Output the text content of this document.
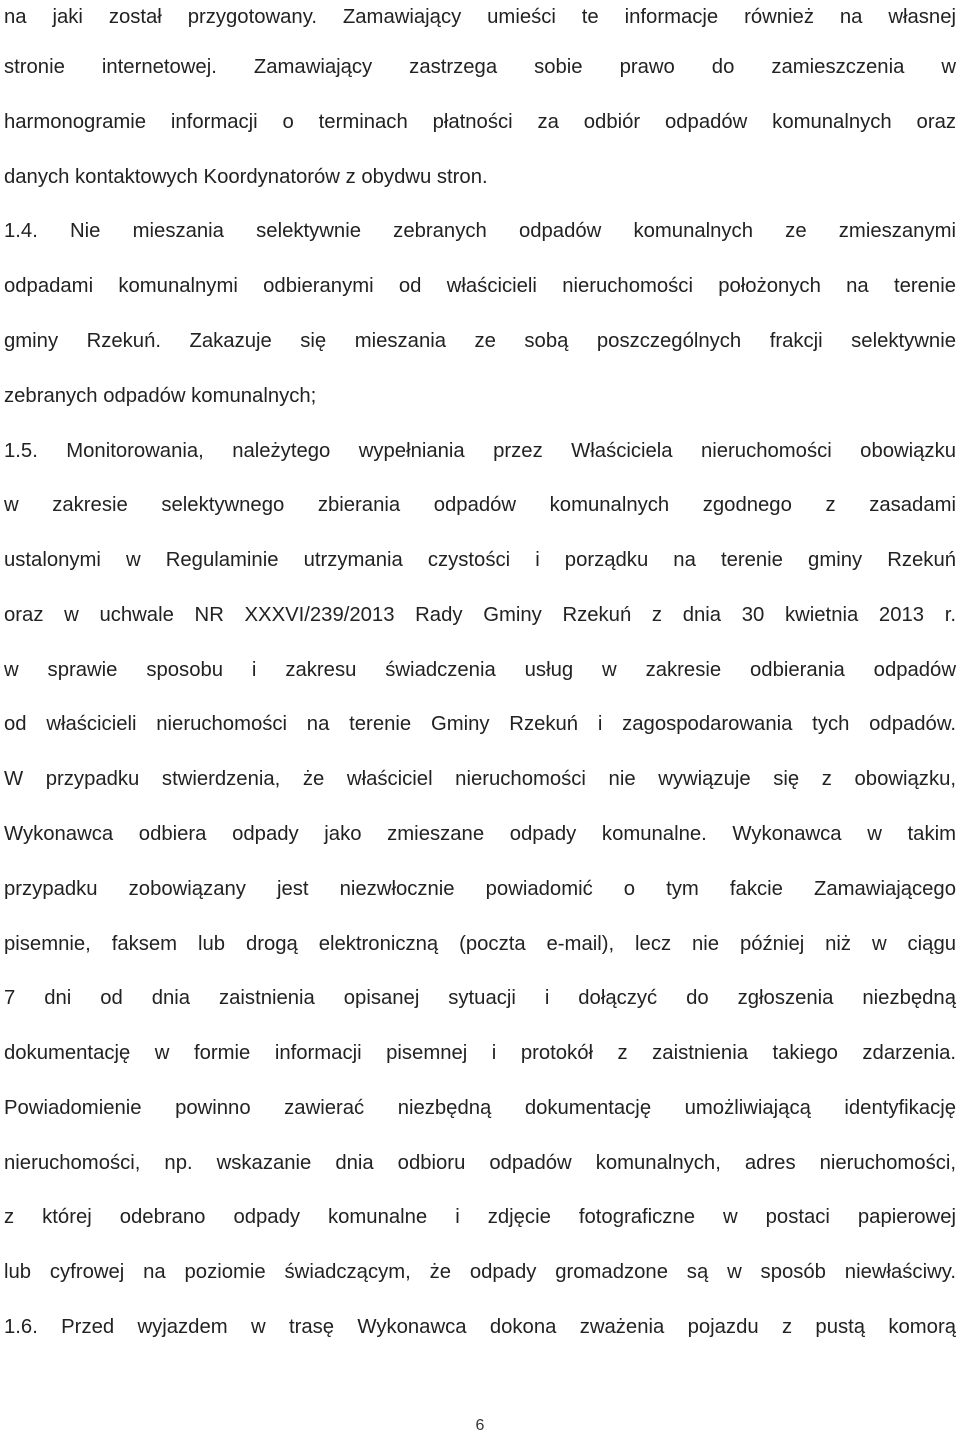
na jaki został przygotowany. Zamawiający umieści te informacje również na własnej
stronie internetowej. Zamawiający zastrzega sobie prawo do zamieszczenia w
harmonogramie informacji o terminach płatności za odbiór odpadów komunalnych oraz
danych kontaktowych Koordynatorów z obydwu stron.
1.4. Nie mieszania selektywnie zebranych odpadów komunalnych ze zmieszanymi
odpadami komunalnymi odbieranymi od właścicieli nieruchomości położonych na terenie
gminy Rzekuń. Zakazuje się mieszania ze sobą poszczególnych frakcji selektywnie
zebranych odpadów komunalnych;
1.5. Monitorowania, należytego wypełniania przez Właściciela nieruchomości obowiązku
w zakresie selektywnego zbierania odpadów komunalnych zgodnego z zasadami
ustalonymi w Regulaminie utrzymania czystości i porządku na terenie gminy Rzekuń
oraz w uchwale NR XXXVI/239/2013 Rady Gminy Rzekuń z dnia 30 kwietnia 2013 r.
w sprawie sposobu i zakresu świadczenia usług w zakresie odbierania odpadów
od właścicieli nieruchomości na terenie Gminy Rzekuń i zagospodarowania tych odpadów.
W przypadku stwierdzenia, że właściciel nieruchomości nie wywiązuje się z obowiązku,
Wykonawca odbiera odpady jako zmieszane odpady komunalne. Wykonawca w takim
przypadku zobowiązany jest niezwłocznie powiadomić o tym fakcie Zamawiającego
pisemnie, faksem lub drogą elektroniczną (poczta e-mail), lecz nie później niż w ciągu
7 dni od dnia zaistnienia opisanej sytuacji i dołączyć do zgłoszenia niezbędną
dokumentację w formie informacji pisemnej i protokół z zaistnienia takiego zdarzenia.
Powiadomienie powinno zawierać niezbędną dokumentację umożliwiającą identyfikację
nieruchomości, np. wskazanie dnia odbioru odpadów komunalnych, adres nieruchomości,
z której odebrano odpady komunalne i zdjęcie fotograficzne w postaci papierowej
lub cyfrowej na poziomie świadczącym, że odpady gromadzone są w sposób niewłaściwy.
1.6. Przed wyjazdem w trasę Wykonawca dokona zważenia pojazdu z pustą komorą
6
